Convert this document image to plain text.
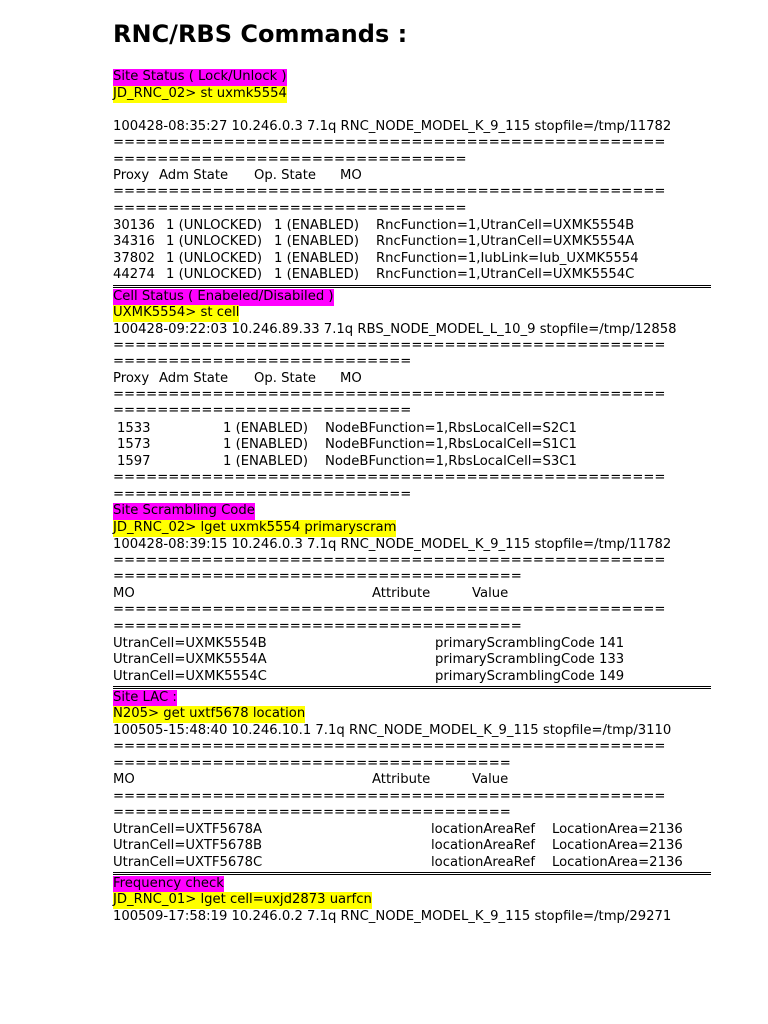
RNC/RBS Commands :
Site Status ( Lock/Unlock )
JD_RNC_02> st uxmk5554
100428-08:35:27 10.246.0.3 7.1q RNC_NODE_MODEL_K_9_115 stopfile=/tmp/11782
==================================================
================================
Proxy Adm State Op. State MO
==================================================
================================
30136 1 (UNLOCKED) 1 (ENABLED) RncFunction=1,UtranCell=UXMK5554B
34316 1 (UNLOCKED) 1 (ENABLED) RncFunction=1,UtranCell=UXMK5554A
37802 1 (UNLOCKED) 1 (ENABLED) RncFunction=1,IubLink=Iub_UXMK5554
44274 1 (UNLOCKED) 1 (ENABLED) RncFunction=1,UtranCell=UXMK5554C
Cell Status ( Enabeled/Disabiled )
UXMK5554> st cell
100428-09:22:03 10.246.89.33 7.1q RBS_NODE_MODEL_L_10_9 stopfile=/tmp/12858
==================================================
===========================
Proxy Adm State Op. State MO
==================================================
===========================
1533	1 (ENABLED) NodeBFunction=1,RbsLocalCell=S2C1
1573	1 (ENABLED) NodeBFunction=1,RbsLocalCell=S1C1
1597	1 (ENABLED) NodeBFunction=1,RbsLocalCell=S3C1
==================================================
===========================
Site Scrambling Code
JD_RNC_02> lget uxmk5554 primaryscram
100428-08:39:15 10.246.0.3 7.1q RNC_NODE_MODEL_K_9_115 stopfile=/tmp/11782
==================================================
=====================================
MO	Attribute	Value
==================================================
=====================================
UtranCell=UXMK5554B	primaryScramblingCode 141
UtranCell=UXMK5554A	primaryScramblingCode 133
UtranCell=UXMK5554C	primaryScramblingCode 149
Site LAC :
N205> get uxtf5678 location
100505-15:48:40 10.246.10.1 7.1q RNC_NODE_MODEL_K_9_115 stopfile=/tmp/3110
==================================================
====================================
MO	Attribute	Value
==================================================
====================================
UtranCell=UXTF5678A	locationAreaRef LocationArea=2136
UtranCell=UXTF5678B	locationAreaRef LocationArea=2136
UtranCell=UXTF5678C	locationAreaRef LocationArea=2136
Frequency check
JD_RNC_01> lget cell=uxjd2873 uarfcn
100509-17:58:19 10.246.0.2 7.1q RNC_NODE_MODEL_K_9_115 stopfile=/tmp/29271
